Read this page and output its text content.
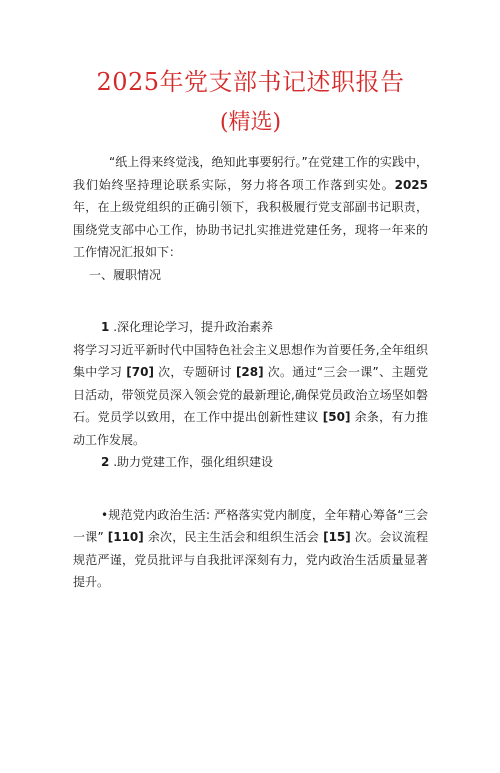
2025年党支部书记述职报告
(精选)

“纸上得来终觉浅，绝知此事要躬行。”在党建工作的实践中，我们始终坚持理论联系实际，努力将各项工作落到实处。2025年，在上级党组织的正确引领下，我积极履行党支部副书记职责，围绕党支部中心工作，协助书记扎实推进党建任务，现将一年来的工作情况汇报如下：

一、履职情况

1 .深化理论学习，提升政治素养

将学习习近平新时代中国特色社会主义思想作为首要任务,全年组织集中学习 [70] 次，专题研讨 [28] 次。通过“三会一课”、主题党日活动，带领党员深入领会党的最新理论,确保党员政治立场坚如磐石。党员学以致用，在工作中提出创新性建议 [50] 余条，有力推动工作发展。

2 .助力党建工作，强化组织建设

•规范党内政治生活: 严格落实党内制度，全年精心筹备“三会一课” [110] 余次，民主生活会和组织生活会 [15] 次。会议流程规范严谨，党员批评与自我批评深刻有力，党内政治生活质量显著提升。
